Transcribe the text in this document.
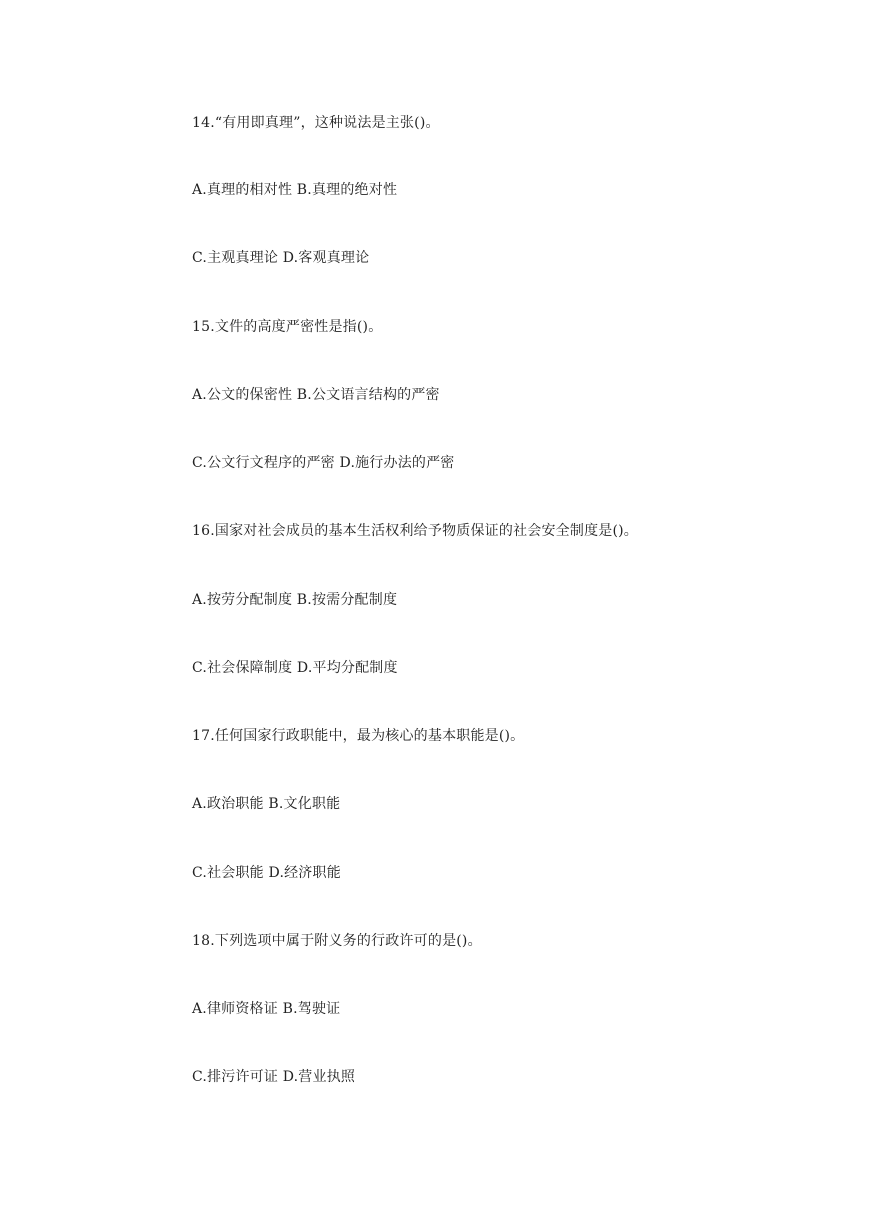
14.“有用即真理”，这种说法是主张()。
A.真理的相对性 B.真理的绝对性
C.主观真理论 D.客观真理论
15.文件的高度严密性是指()。
A.公文的保密性 B.公文语言结构的严密
C.公文行文程序的严密 D.施行办法的严密
16.国家对社会成员的基本生活权利给予物质保证的社会安全制度是()。
A.按劳分配制度 B.按需分配制度
C.社会保障制度 D.平均分配制度
17.任何国家行政职能中，最为核心的基本职能是()。
A.政治职能 B.文化职能
C.社会职能 D.经济职能
18.下列选项中属于附义务的行政许可的是()。
A.律师资格证 B.驾驶证
C.排污许可证 D.营业执照
